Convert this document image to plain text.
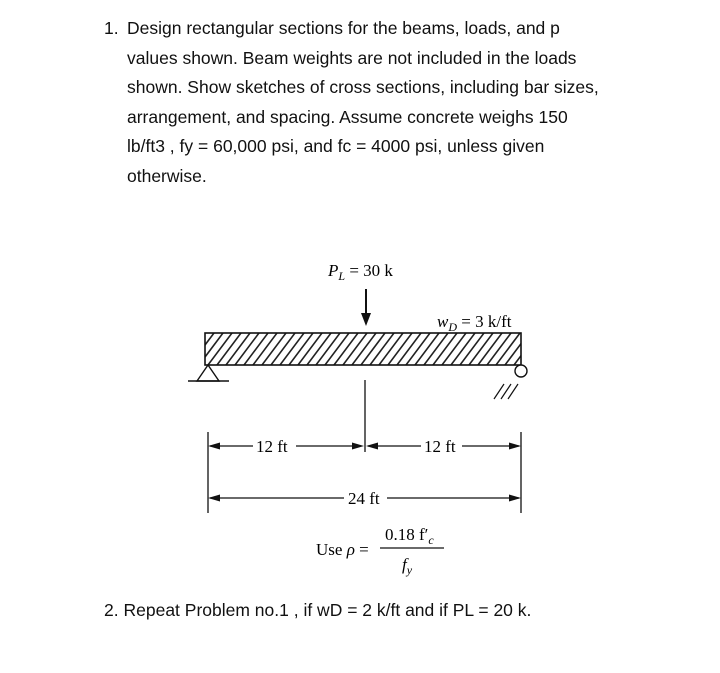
1. Design rectangular sections for the beams, loads, and p
values shown. Beam weights are not included in the loads
shown. Show sketches of cross sections, including bar sizes,
arrangement, and spacing. Assume concrete weighs 150
lb/ft3 , fy = 60,000 psi, and fc = 4000 psi, unless given
otherwise.
$P_L = 30$ k
$w_D = 3$ k/ft
12 ft	12 ft
24 ft
Use ρ =
0.18 $f'_c$
$f_y$
2. Repeat Problem no.1 , if wD = 2 k/ft and if PL = 20 k.
